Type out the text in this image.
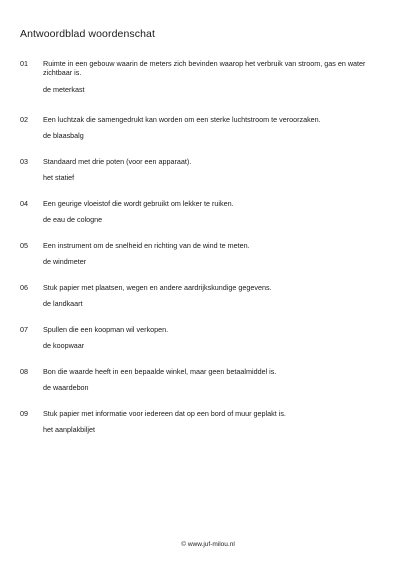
Antwoordblad woordenschat
01	Ruimte in een gebouw waarin de meters zich bevinden waarop het verbruik van stroom, gas en water zichtbaar is.
de meterkast
02	Een luchtzak die samengedrukt kan worden om een sterke luchtstroom te veroorzaken.
de blaasbalg
03	Standaard met drie poten (voor een apparaat).
het statief
04	Een geurige vloeistof die wordt gebruikt om lekker te ruiken.
de eau de cologne
05	Een instrument om de snelheid en richting van de wind te meten.
de windmeter
06	Stuk papier met plaatsen, wegen en andere aardrijkskundige gegevens.
de landkaart
07	Spullen die een koopman wil verkopen.
de koopwaar
08	Bon die waarde heeft in een bepaalde winkel, maar geen betaalmiddel is.
de waardebon
09	Stuk papier met informatie voor iedereen dat op een bord of muur geplakt is.
het aanplakbiljet
© www.juf-milou.nl
